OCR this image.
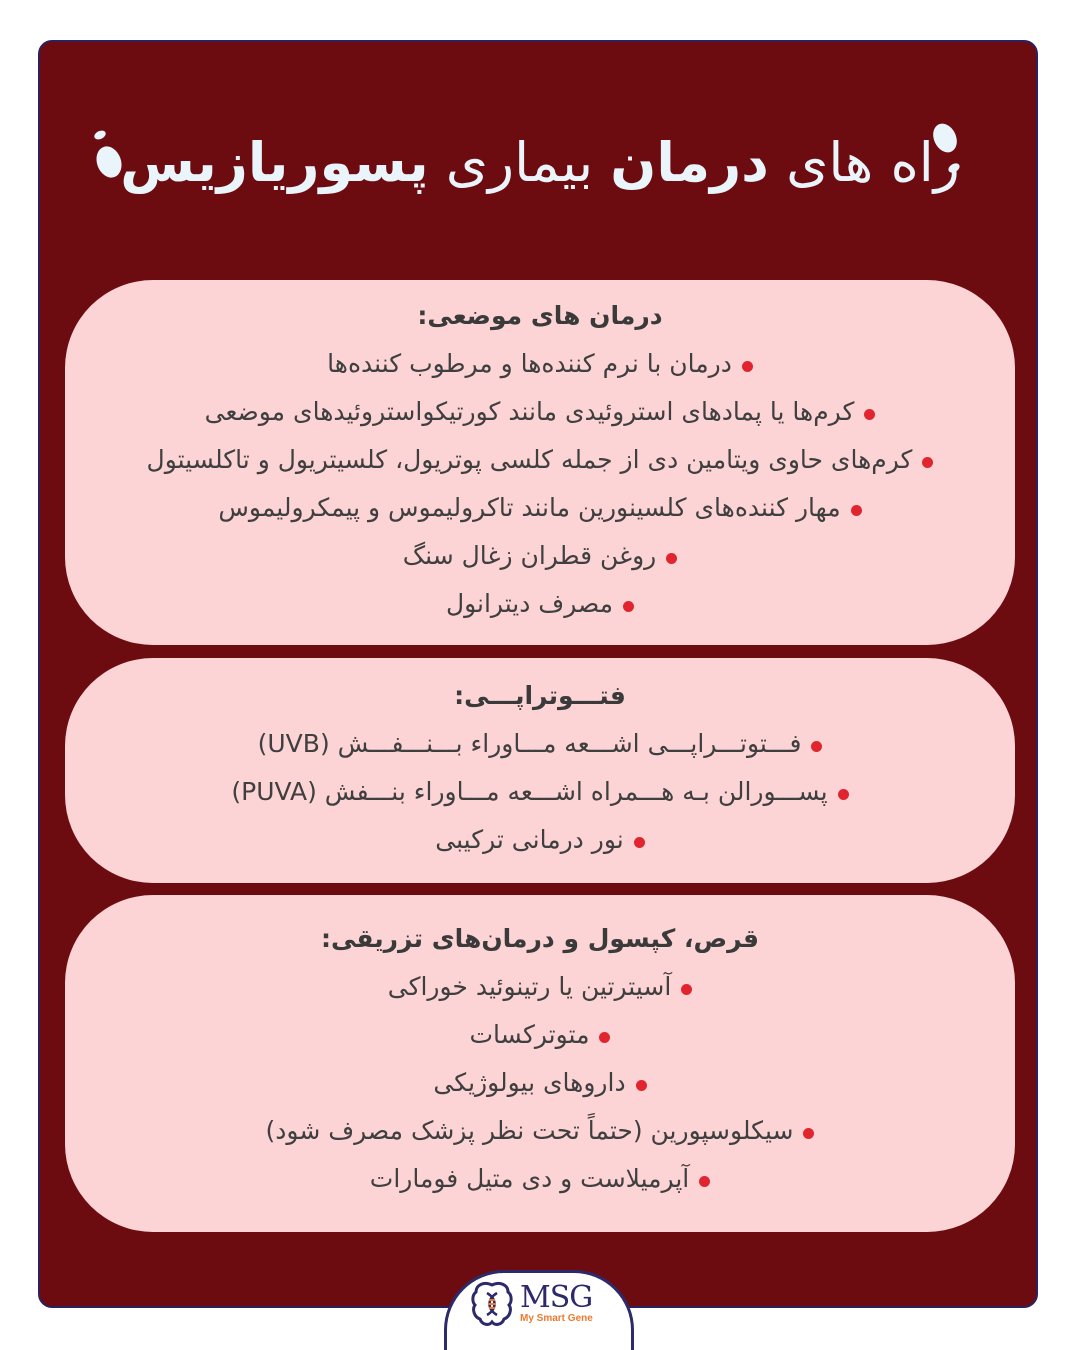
راه های درمان بیماری پسوریازیس
درمان های موضعی:
درمان با نرم کننده‌ها و مرطوب کننده‌ها
کرم‌ها یا پمادهای استروئیدی مانند کورتیکواستروئیدهای موضعی
کرم‌های حاوی ویتامین دی از جمله کلسی پوتریول، کلسیتریول و تاکلسیتول
مهار کننده‌های کلسینورین مانند تاکرولیموس و پیمکرولیموس
روغن قطران زغال سنگ
مصرف دیترانول
فتـــوتراپـــی:
فـــتوتـــراپـــی اشـــعه مـــاوراء بـــنـــفـــش (UVB)
پســـورالن بـه هـــمراه اشـــعه مـــاوراء بنـــفش (PUVA)
نور درمانی ترکیبی
قرص، کپسول و درمان‌های تزریقی:
آسیترتین یا رتینوئید خوراکی
متوترکسات
داروهای بیولوژیکی
سیکلوسپورین (حتماً تحت نظر پزشک مصرف شود)
آپرمیلاست و دی متیل فومارات
MSG
My Smart Gene
